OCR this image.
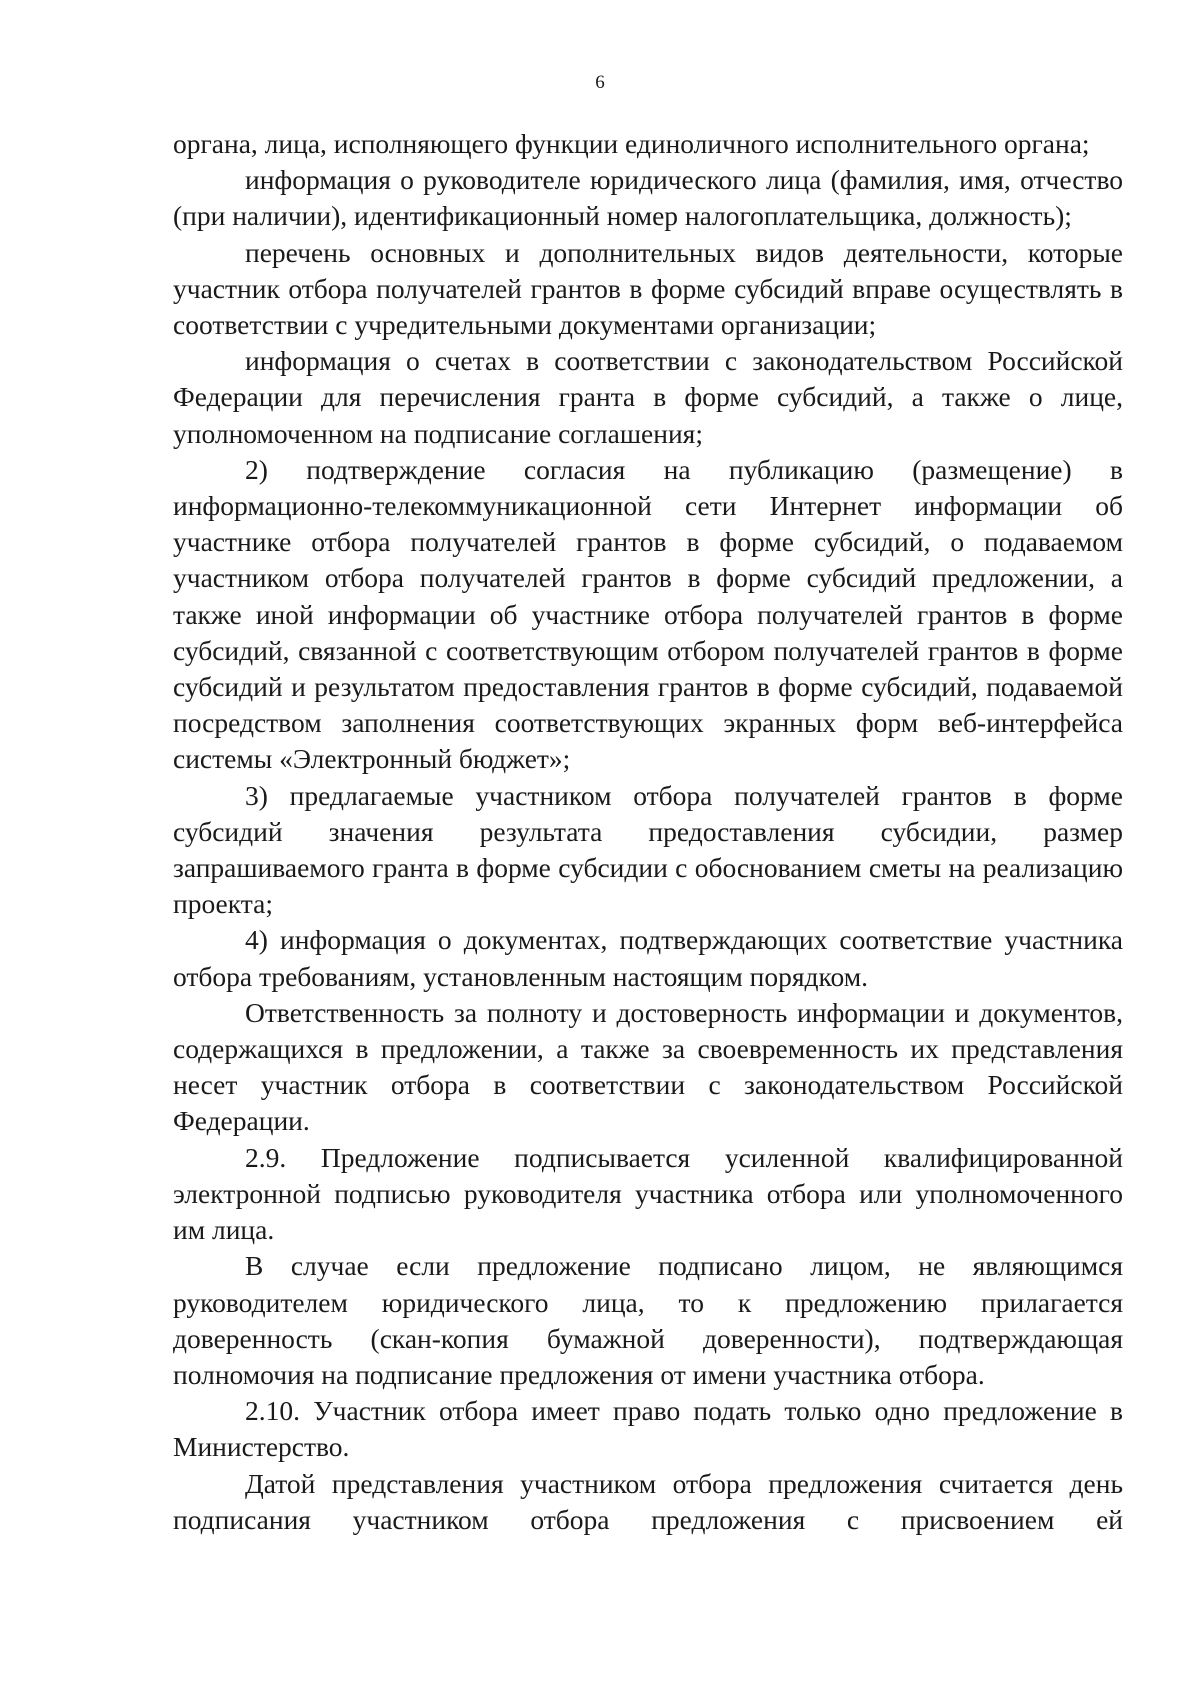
6

органа, лица, исполняющего функции единоличного исполнительного органа;

информация о руководителе юридического лица (фамилия, имя, отчество (при наличии), идентификационный номер налогоплательщика, должность);

перечень основных и дополнительных видов деятельности, которые участник отбора получателей грантов в форме субсидий вправе осуществлять в соответствии с учредительными документами организации;

информация о счетах в соответствии с законодательством Российской Федерации для перечисления гранта в форме субсидий, а также о лице, уполномоченном на подписание соглашения;

2) подтверждение согласия на публикацию (размещение) в информационно-телекоммуникационной сети Интернет информации об участнике отбора получателей грантов в форме субсидий, о подаваемом участником отбора получателей грантов в форме субсидий предложении, а также иной информации об участнике отбора получателей грантов в форме субсидий, связанной с соответствующим отбором получателей грантов в форме субсидий и результатом предоставления грантов в форме субсидий, подаваемой посредством заполнения соответствующих экранных форм веб-интерфейса системы «Электронный бюджет»;

3) предлагаемые участником отбора получателей грантов в форме субсидий значения результата предоставления субсидии, размер запрашиваемого гранта в форме субсидии с обоснованием сметы на реализацию проекта;

4) информация о документах, подтверждающих соответствие участника отбора требованиям, установленным настоящим порядком.

Ответственность за полноту и достоверность информации и документов, содержащихся в предложении, а также за своевременность их представления несет участник отбора в соответствии с законодательством Российской Федерации.

2.9. Предложение подписывается усиленной квалифицированной электронной подписью руководителя участника отбора или уполномоченного им лица.

В случае если предложение подписано лицом, не являющимся руководителем юридического лица, то к предложению прилагается доверенность (скан-копия бумажной доверенности), подтверждающая полномочия на подписание предложения от имени участника отбора.

2.10. Участник отбора имеет право подать только одно предложение в Министерство.

Датой представления участником отбора предложения считается день подписания участником отбора предложения с присвоением ей
